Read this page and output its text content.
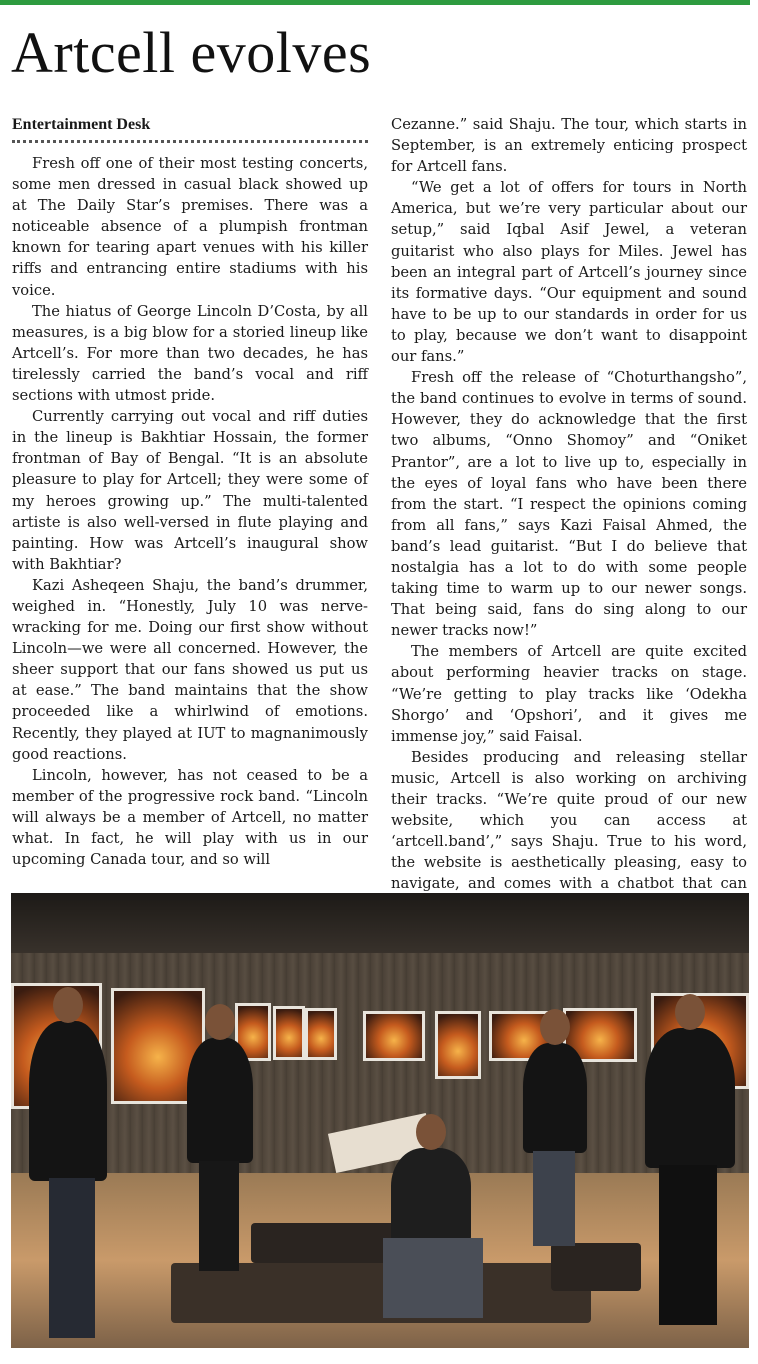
Artcell evolves
Entertainment Desk

Fresh off one of their most testing concerts, some men dressed in casual black showed up at The Daily Star’s premises. There was a noticeable absence of a plumpish frontman known for tearing apart venues with his killer riffs and entrancing entire stadiums with his voice.

The hiatus of George Lincoln D’Costa, by all measures, is a big blow for a storied lineup like Artcell’s. For more than two decades, he has tirelessly carried the band’s vocal and riff sections with utmost pride.

Currently carrying out vocal and riff duties in the lineup is Bakhtiar Hossain, the former frontman of Bay of Bengal. “It is an absolute pleasure to play for Artcell; they were some of my heroes growing up.” The multi-talented artiste is also well-versed in flute playing and painting. How was Artcell’s inaugural show with Bakhtiar?

Kazi Asheqeen Shaju, the band’s drummer, weighed in. “Honestly, July 10 was nerve-wracking for me. Doing our first show without Lincoln—we were all concerned. However, the sheer support that our fans showed us put us at ease.” The band maintains that the show proceeded like a whirlwind of emotions. Recently, they played at IUT to magnanimously good reactions.

Lincoln, however, has not ceased to be a member of the progressive rock band. “Lincoln will always be a member of Artcell, no matter what. In fact, he will play with us in our upcoming Canada tour, and so will

Cezanne.” said Shaju. The tour, which starts in September, is an extremely enticing prospect for Artcell fans.

“We get a lot of offers for tours in North America, but we’re very particular about our setup,” said Iqbal Asif Jewel, a veteran guitarist who also plays for Miles. Jewel has been an integral part of Artcell’s journey since its formative days. “Our equipment and sound have to be up to our standards in order for us to play, because we don’t want to disappoint our fans.”

Fresh off the release of “Choturthangsho”, the band continues to evolve in terms of sound. However, they do acknowledge that the first two albums, “Onno Shomoy” and “Oniket Prantor”, are a lot to live up to, especially in the eyes of loyal fans who have been there from the start. “I respect the opinions coming from all fans,” says Kazi Faisal Ahmed, the band’s lead guitarist. “But I do believe that nostalgia has a lot to do with some people taking time to warm up to our newer songs. That being said, fans do sing along to our newer tracks now!”

The members of Artcell are quite excited about performing heavier tracks on stage. “We’re getting to play tracks like ‘Odekha Shorgo’ and ‘Opshori’, and it gives me immense joy,” said Faisal.

Besides producing and releasing stellar music, Artcell is also working on archiving their tracks. “We’re quite proud of our new website, which you can access at ‘artcell.band’,” says Shaju. True to his word, the website is aesthetically pleasing, easy to navigate, and comes with a chatbot that can
